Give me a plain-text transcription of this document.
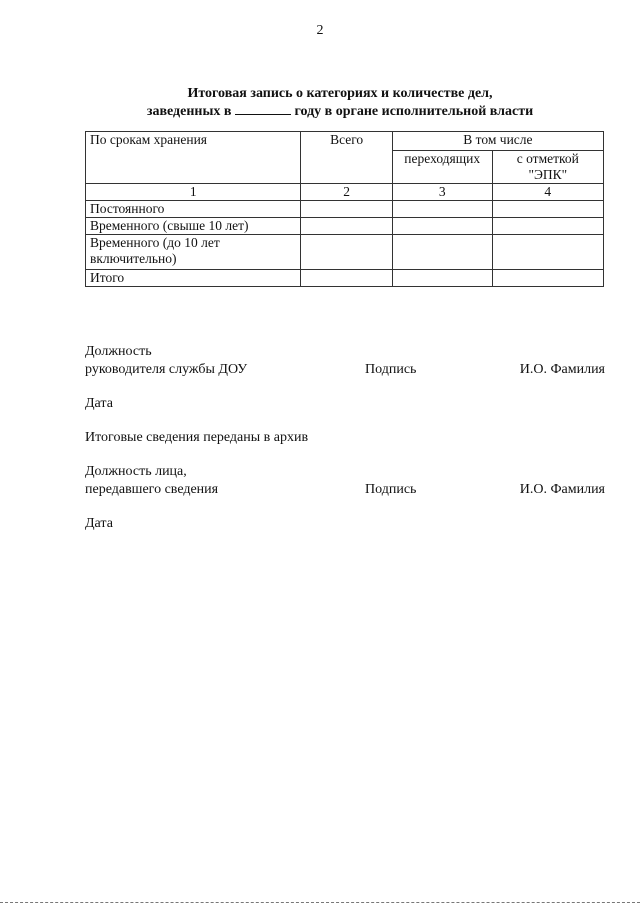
2
Итоговая запись о категориях и количестве дел,
заведенных в	году в органе исполнительной власти
По срокам хранения	Всего	В том числе	
		переходящих	с отметкой
"ЭПК"

1	2	3	4
Постоянного			
Временного (свыше 10 лет)			

Временного (до 10 лет
включительно)			

Итого			
Должность
руководителя службы ДОУ	Подпись	И.О. Фамилия
Дата
Итоговые сведения переданы в архив
Должность лица,
передавшего сведения	Подпись	И.О. Фамилия
Дата
